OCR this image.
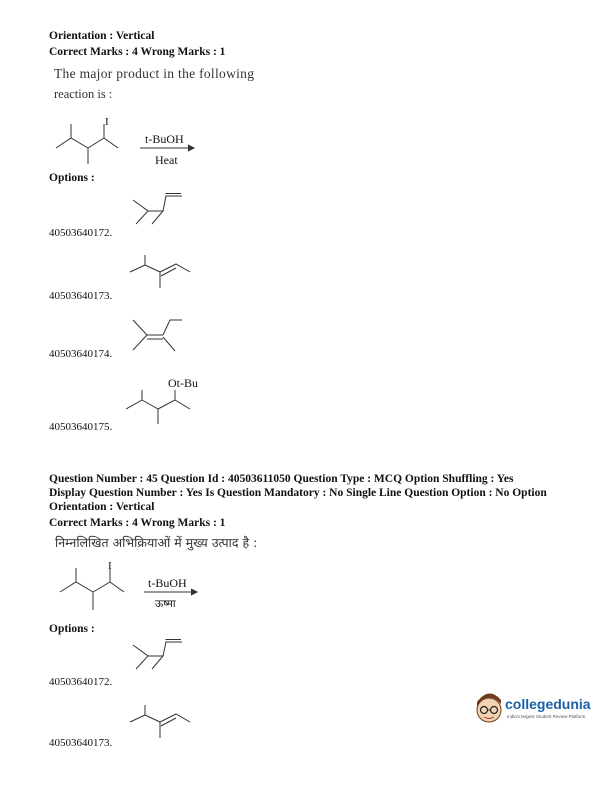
Orientation : Vertical
Correct Marks : 4 Wrong Marks : 1
The major product in the following
reaction is :
I
t-BuOH
Heat
Options :
40503640172.
40503640173.
40503640174.
Ot-Bu
40503640175.
Question Number : 45 Question Id : 40503611050 Question Type : MCQ Option Shuffling : Yes
Display Question Number : Yes Is Question Mandatory : No Single Line Question Option : No Option
Orientation : Vertical
Correct Marks : 4 Wrong Marks : 1
निम्नलिखित अभिक्रियाओं में मुख्य उत्पाद है :
I
t-BuOH
ऊष्मा
Options :
40503640172.
40503640173.
collegedunia
India's largest Student Review Platform
